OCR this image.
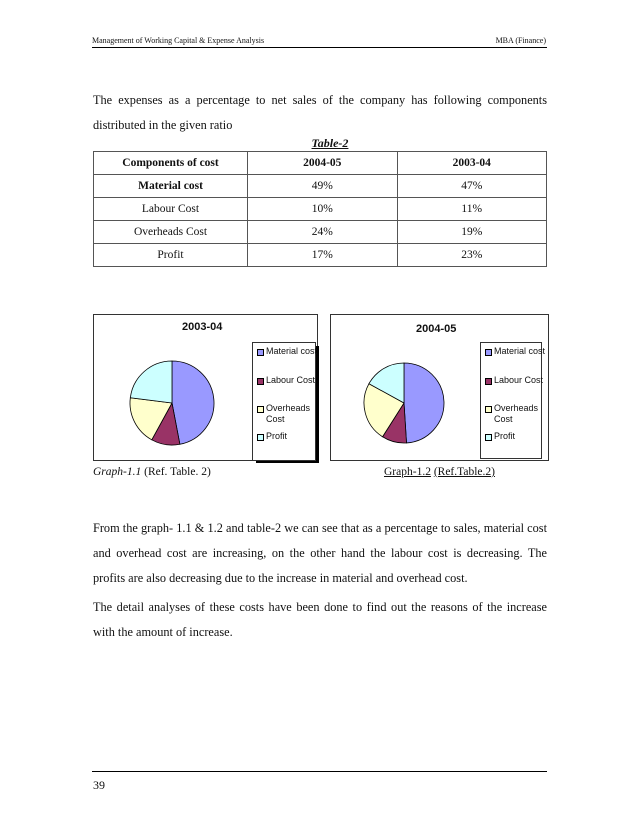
Management of Working Capital & Expense Analysis	MBA (Finance)

The expenses as a percentage to net sales of the company has following components distributed in the given ratio

Table-2
Components of cost	2004-05	2003-04
Material cost	49%	47%
Labour Cost	10%	11%
Overheads Cost	24%	19%
Profit	17%	23%
2003-04
Material cost
Labour Cost
Overheads Cost
Profit
2004-05
Material cost
Labour Cost
Overheads Cost
Profit
Graph-1.1 (Ref. Table. 2)	Graph-1.2 (Ref.Table.2)

From the graph- 1.1 & 1.2 and table-2 we can see that as a percentage to sales, material cost and overhead cost are increasing, on the other hand the labour cost is decreasing. The profits are also decreasing due to the increase in material and overhead cost.

The detail analyses of these costs have been done to find out the reasons of the increase with the amount of increase.

39
